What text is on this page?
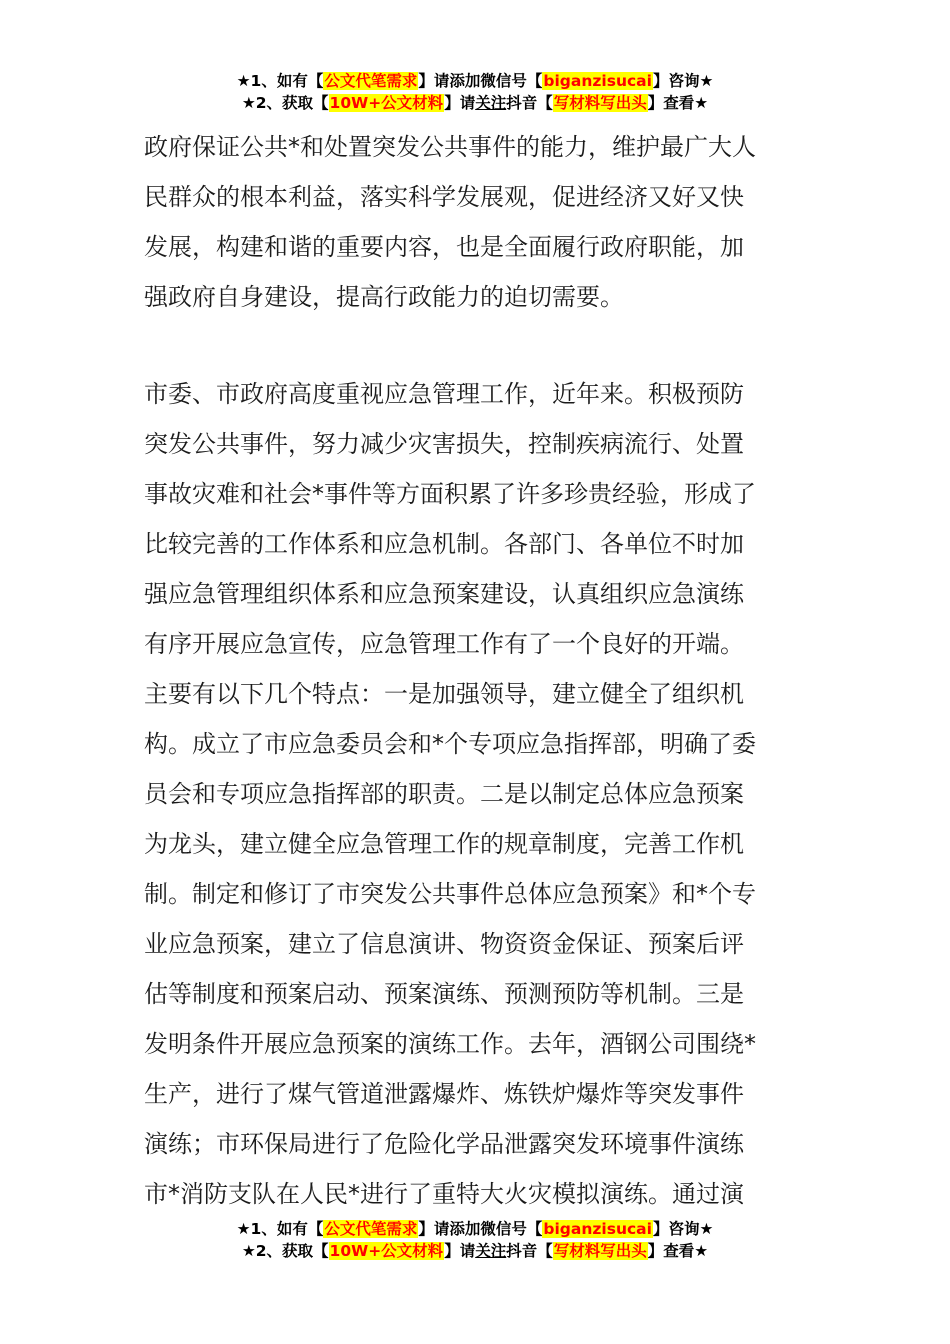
★1、如有【公文代笔需求】请添加微信号【biganzisucai】咨询★
★2、获取【10W+公文材料】请关注抖音【写材料写出头】查看★
政府保证公共*和处置突发公共事件的能力，维护最广大人
民群众的根本利益，落实科学发展观，促进经济又好又快
发展，构建和谐的重要内容，也是全面履行政府职能，加
强政府自身建设，提高行政能力的迫切需要。
市委、市政府高度重视应急管理工作，近年来。积极预防
突发公共事件，努力减少灾害损失，控制疾病流行、处置
事故灾难和社会*事件等方面积累了许多珍贵经验，形成了
比较完善的工作体系和应急机制。各部门、各单位不时加
强应急管理组织体系和应急预案建设，认真组织应急演练
有序开展应急宣传，应急管理工作有了一个良好的开端。
主要有以下几个特点：一是加强领导，建立健全了组织机
构。成立了市应急委员会和*个专项应急指挥部，明确了委
员会和专项应急指挥部的职责。二是以制定总体应急预案
为龙头，建立健全应急管理工作的规章制度，完善工作机
制。制定和修订了市突发公共事件总体应急预案》和*个专
业应急预案，建立了信息演讲、物资资金保证、预案后评
估等制度和预案启动、预案演练、预测预防等机制。三是
发明条件开展应急预案的演练工作。去年，酒钢公司围绕*
生产，进行了煤气管道泄露爆炸、炼铁炉爆炸等突发事件
演练；市环保局进行了危险化学品泄露突发环境事件演练
市*消防支队在人民*进行了重特大火灾模拟演练。通过演
★1、如有【公文代笔需求】请添加微信号【biganzisucai】咨询★
★2、获取【10W+公文材料】请关注抖音【写材料写出头】查看★
